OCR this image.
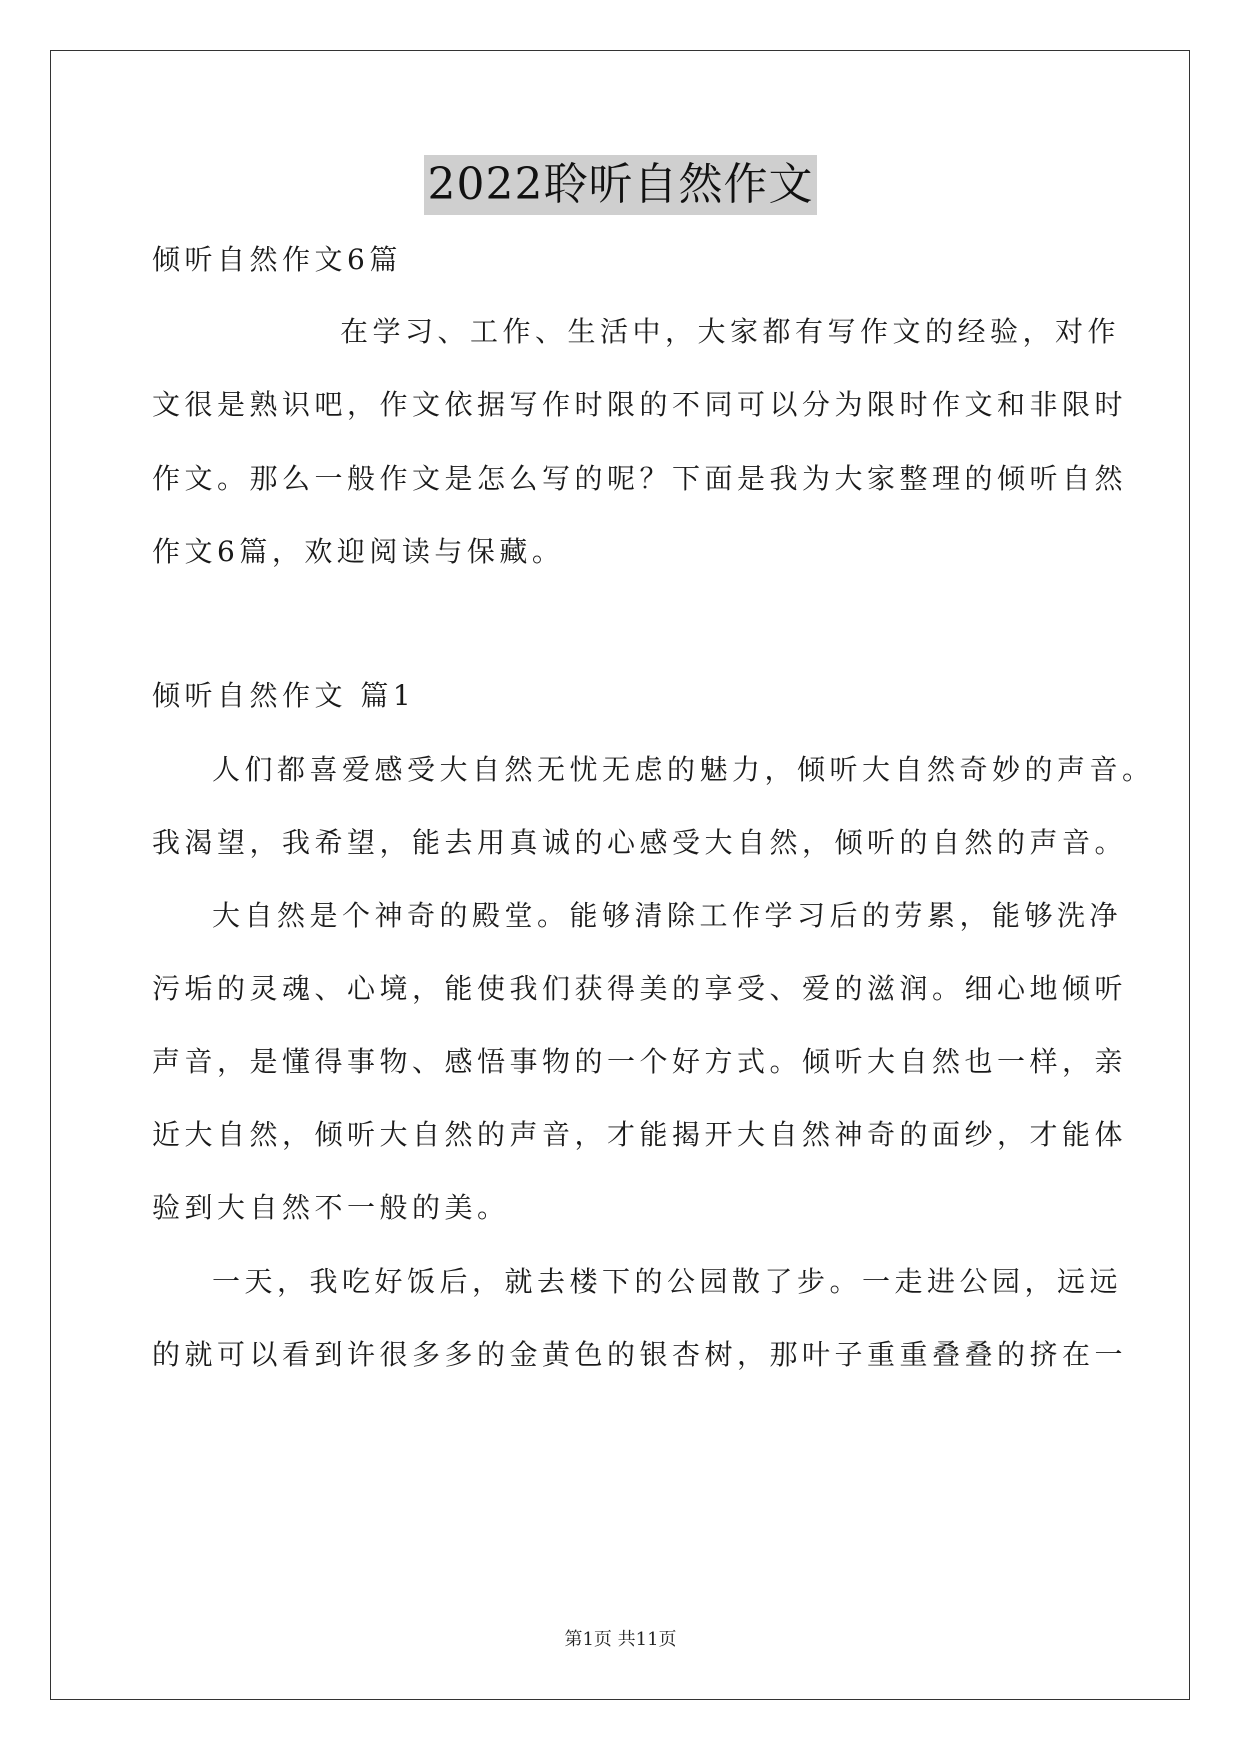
2022聆听自然作文
倾听自然作文6篇
在学习、工作、生活中，大家都有写作文的经验，对作
文很是熟识吧，作文依据写作时限的不同可以分为限时作文和非限时
作文。那么一般作文是怎么写的呢？下面是我为大家整理的倾听自然
作文6篇，欢迎阅读与保藏。
倾听自然作文 篇1
人们都喜爱感受大自然无忧无虑的魅力，倾听大自然奇妙的声音。
我渴望，我希望，能去用真诚的心感受大自然，倾听的自然的声音。
大自然是个神奇的殿堂。能够清除工作学习后的劳累，能够洗净
污垢的灵魂、心境，能使我们获得美的享受、爱的滋润。细心地倾听
声音，是懂得事物、感悟事物的一个好方式。倾听大自然也一样，亲
近大自然，倾听大自然的声音，才能揭开大自然神奇的面纱，才能体
验到大自然不一般的美。
一天，我吃好饭后，就去楼下的公园散了步。一走进公园，远远
的就可以看到许很多多的金黄色的银杏树，那叶子重重叠叠的挤在一
第1页 共11页
